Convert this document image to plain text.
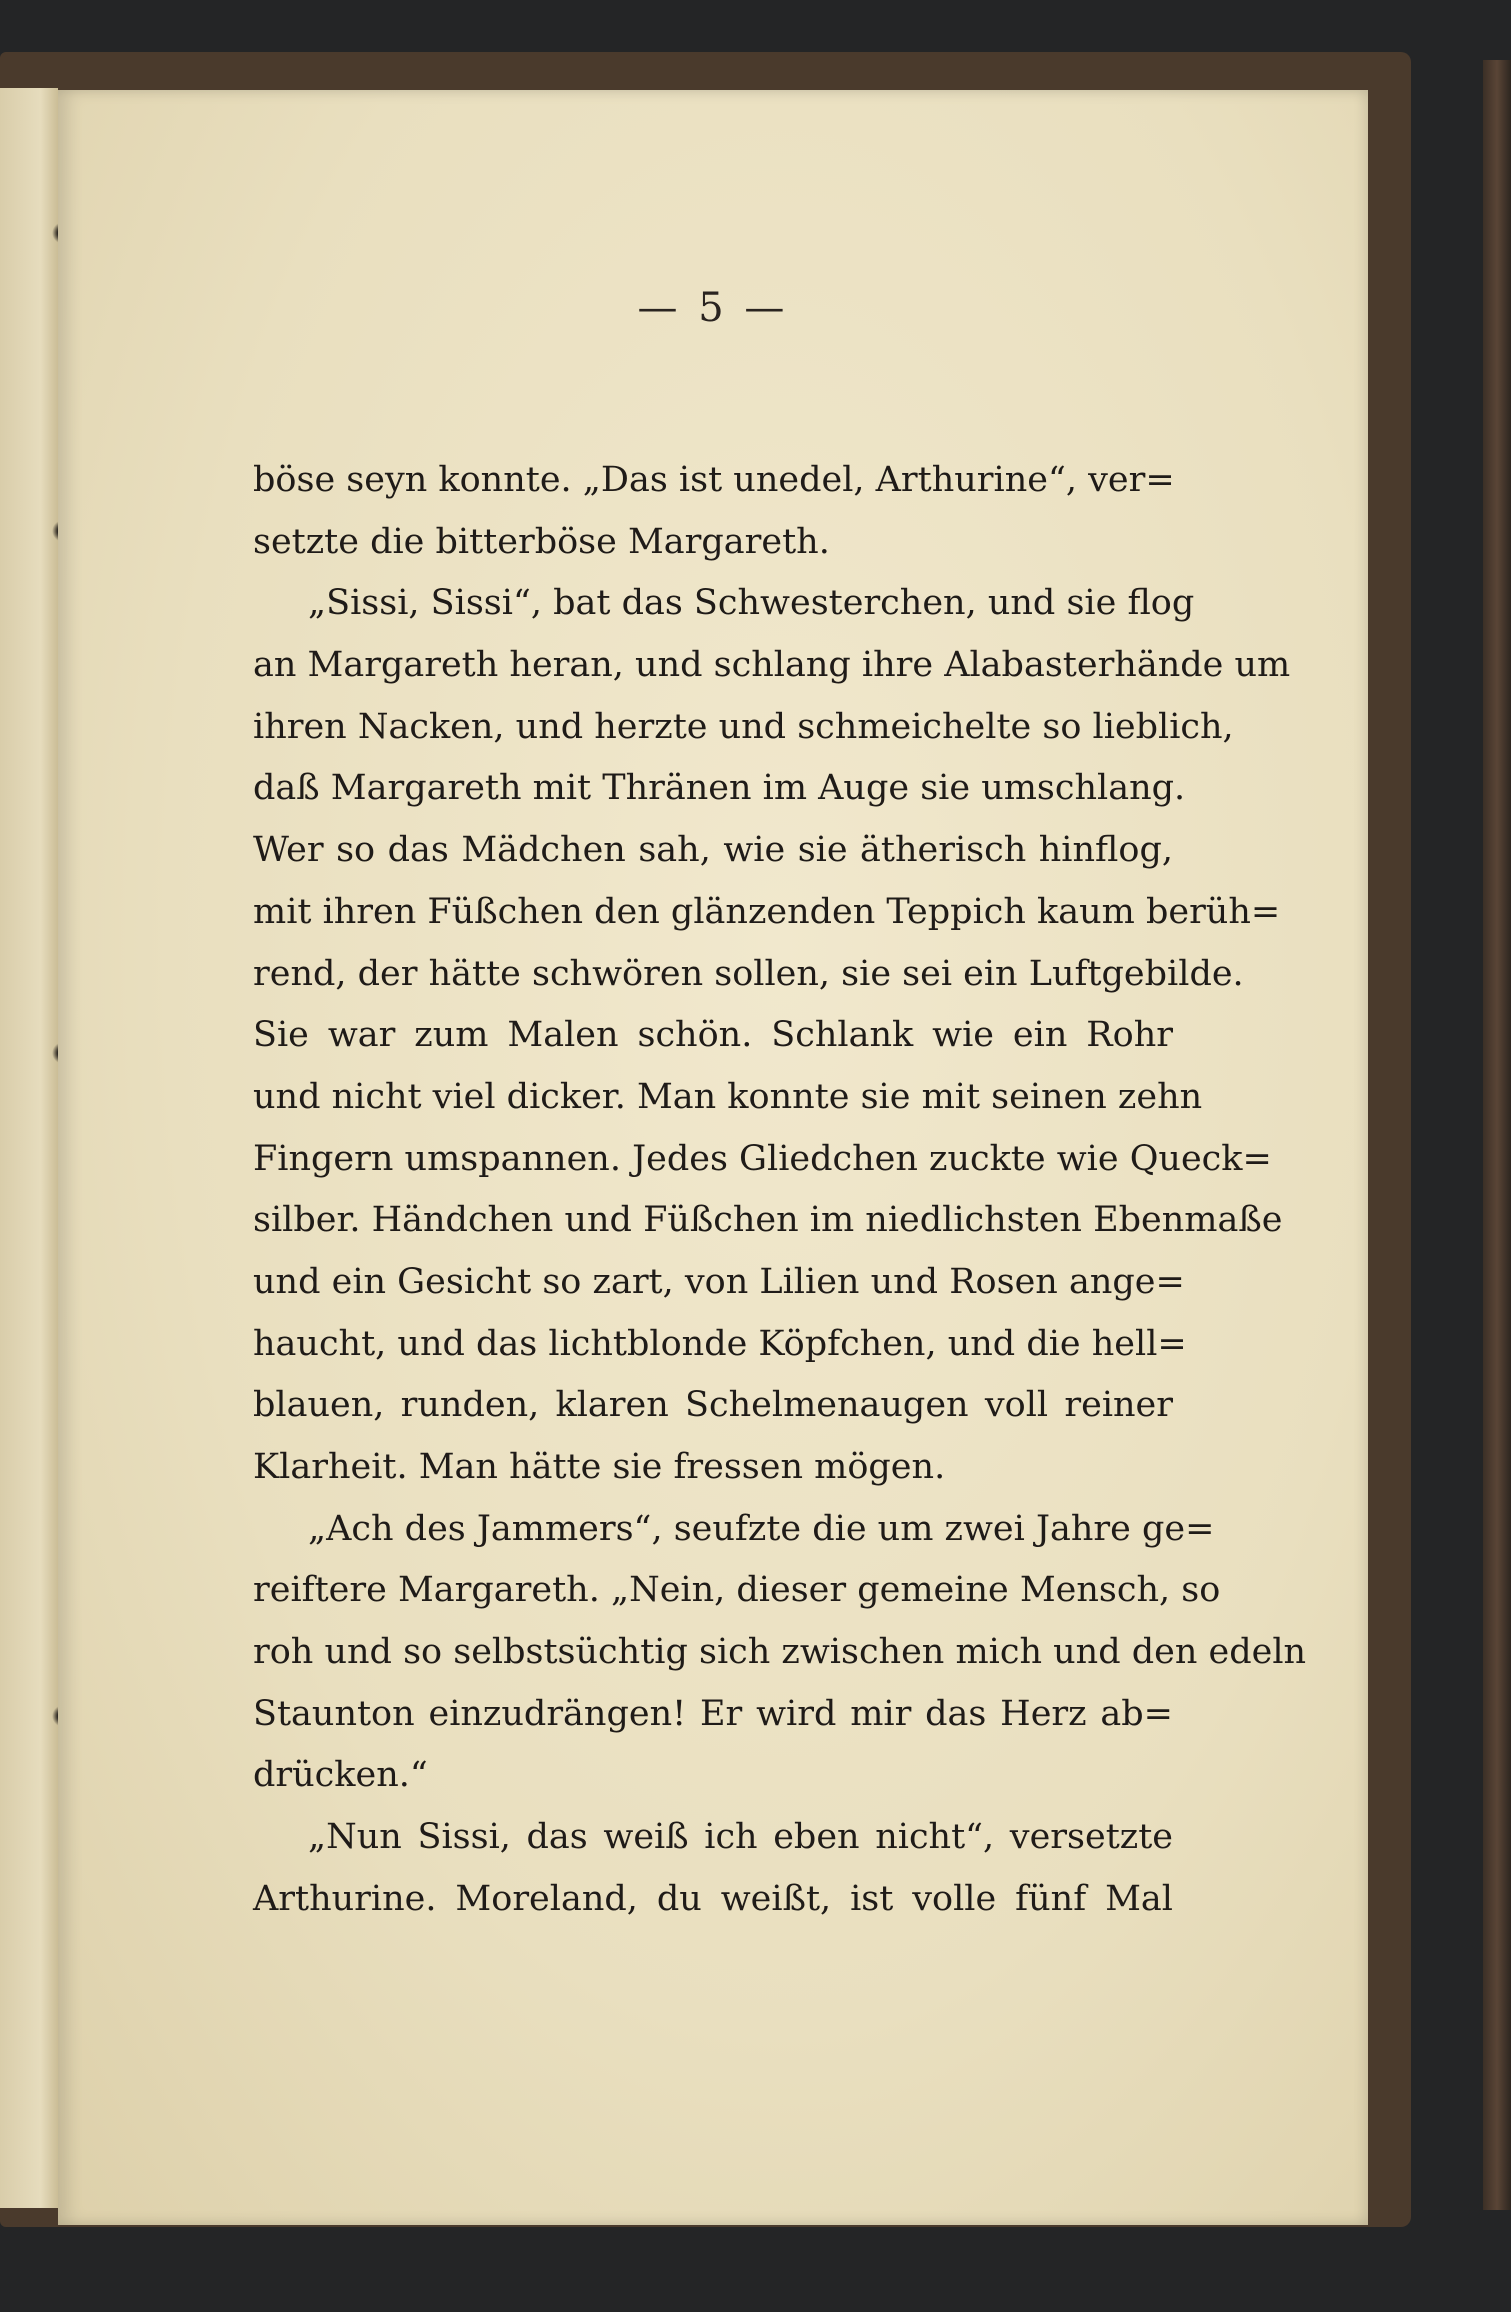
— 5 —
böse seyn konnte. „Das ist unedel, Arthurine“, ver=
setzte die bitterböse Margareth.
„Sissi, Sissi“, bat das Schwesterchen, und sie flog
an Margareth heran, und schlang ihre Alabasterhände um
ihren Nacken, und herzte und schmeichelte so lieblich,
daß Margareth mit Thränen im Auge sie umschlang.
Wer so das Mädchen sah, wie sie ätherisch hinflog,
mit ihren Füßchen den glänzenden Teppich kaum berüh=
rend, der hätte schwören sollen, sie sei ein Luftgebilde.
Sie war zum Malen schön. Schlank wie ein Rohr
und nicht viel dicker. Man konnte sie mit seinen zehn
Fingern umspannen. Jedes Gliedchen zuckte wie Queck=
silber. Händchen und Füßchen im niedlichsten Ebenmaße
und ein Gesicht so zart, von Lilien und Rosen ange=
haucht, und das lichtblonde Köpfchen, und die hell=
blauen, runden, klaren Schelmenaugen voll reiner
Klarheit. Man hätte sie fressen mögen.
„Ach des Jammers“, seufzte die um zwei Jahre ge=
reiftere Margareth. „Nein, dieser gemeine Mensch, so
roh und so selbstsüchtig sich zwischen mich und den edeln
Staunton einzudrängen! Er wird mir das Herz ab=
drücken.“
„Nun Sissi, das weiß ich eben nicht“, versetzte
Arthurine. Moreland, du weißt, ist volle fünf Mal
